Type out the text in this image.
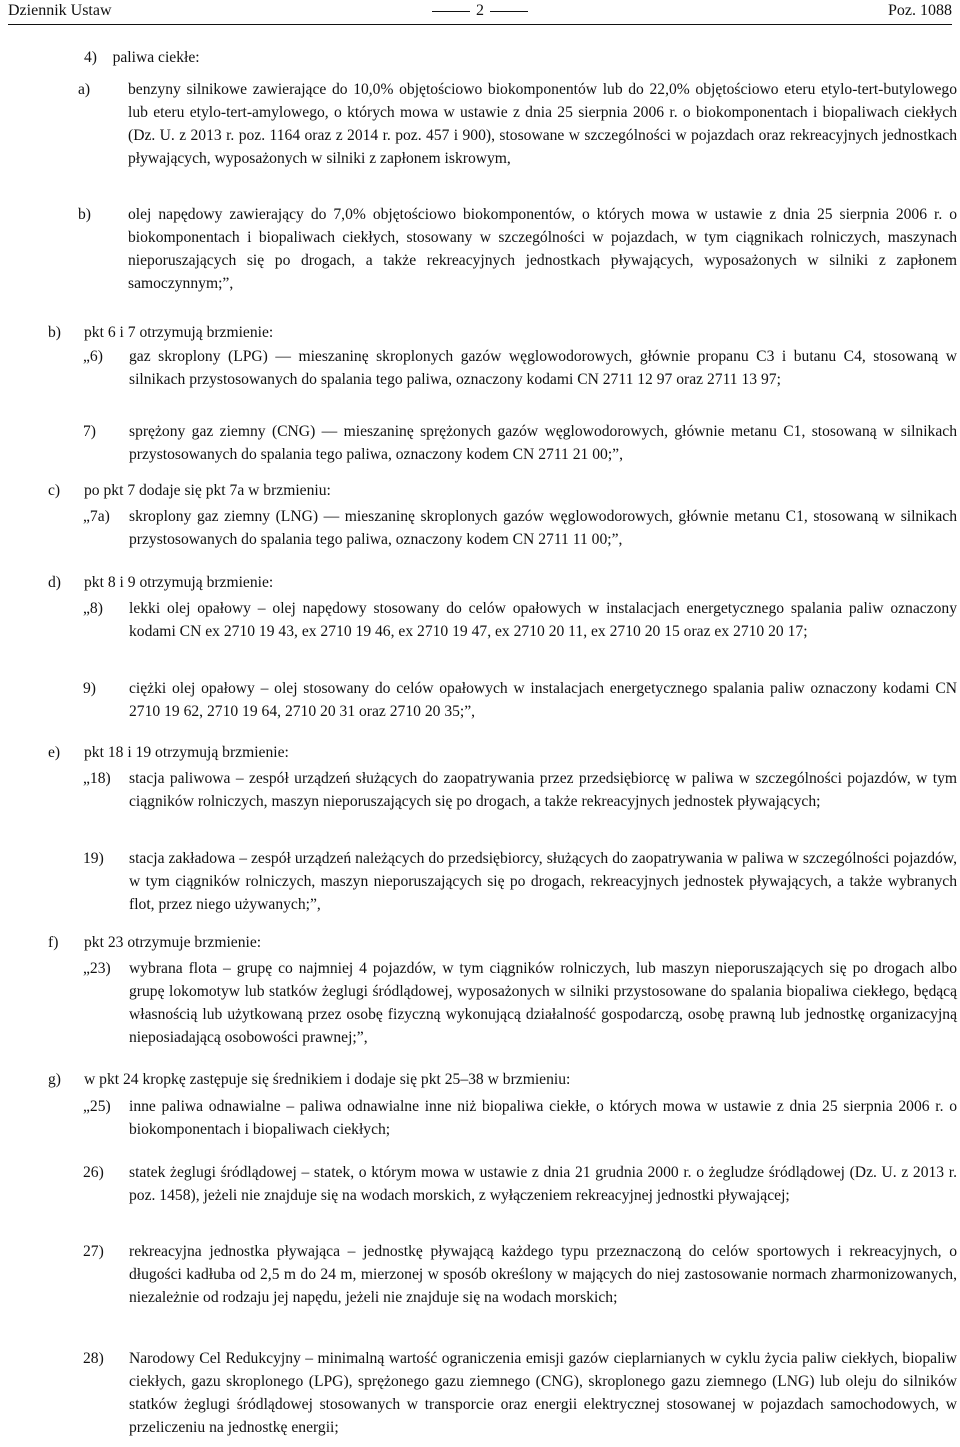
Dziennik Ustaw	2	Poz. 1088
4)    paliwa ciekłe:
a) benzyny silnikowe zawierające do 10,0% objętościowo biokomponentów lub do 22,0% objętościowo eteru etylo-tert-butylowego lub eteru etylo-tert-amylowego, o których mowa w ustawie z dnia 25 sierpnia 2006 r. o biokomponentach i biopaliwach ciekłych (Dz. U. z 2013 r. poz. 1164 oraz z 2014 r. poz. 457 i 900), stosowane w szczególności w pojazdach oraz rekreacyjnych jednostkach pływających, wyposażonych w silniki z zapłonem iskrowym,
b) olej napędowy zawierający do 7,0% objętościowo biokomponentów, o których mowa w ustawie z dnia 25 sierpnia 2006 r. o biokomponentach i biopaliwach ciekłych, stosowany w szczególności w pojazdach, w tym ciągnikach rolniczych, maszynach nieporuszających się po drogach, a także rekreacyjnych jednostkach pływających, wyposażonych w silniki z zapłonem samoczynnym;”,
b) pkt 6 i 7 otrzymują brzmienie:
„6) gaz skroplony (LPG) — mieszaninę skroplonych gazów węglowodorowych, głównie propanu C3 i butanu C4, stosowaną w silnikach przystosowanych do spalania tego paliwa, oznaczony kodami CN 2711 12 97 oraz 2711 13 97;
7) sprężony gaz ziemny (CNG) — mieszaninę sprężonych gazów węglowodorowych, głównie metanu C1, stosowaną w silnikach przystosowanych do spalania tego paliwa, oznaczony kodem CN 2711 21 00;”,
c) po pkt 7 dodaje się pkt 7a w brzmieniu:
„7a) skroplony gaz ziemny (LNG) — mieszaninę skroplonych gazów węglowodorowych, głównie metanu C1, stosowaną w silnikach przystosowanych do spalania tego paliwa, oznaczony kodem CN 2711 11 00;”,
d) pkt 8 i 9 otrzymują brzmienie:
„8) lekki olej opałowy – olej napędowy stosowany do celów opałowych w instalacjach energetycznego spalania paliw oznaczony kodami CN ex 2710 19 43, ex 2710 19 46, ex 2710 19 47, ex 2710 20 11, ex 2710 20 15 oraz ex 2710 20 17;
9) ciężki olej opałowy – olej stosowany do celów opałowych w instalacjach energetycznego spalania paliw oznaczony kodami CN 2710 19 62, 2710 19 64, 2710 20 31 oraz 2710 20 35;”,
e) pkt 18 i 19 otrzymują brzmienie:
„18) stacja paliwowa – zespół urządzeń służących do zaopatrywania przez przedsiębiorcę w paliwa w szczególności pojazdów, w tym ciągników rolniczych, maszyn nieporuszających się po drogach, a także rekreacyjnych jednostek pływających;
19) stacja zakładowa – zespół urządzeń należących do przedsiębiorcy, służących do zaopatrywania w paliwa w szczególności pojazdów, w tym ciągników rolniczych, maszyn nieporuszających się po drogach, rekreacyjnych jednostek pływających, a także wybranych flot, przez niego używanych;”,
f) pkt 23 otrzymuje brzmienie:
„23) wybrana flota – grupę co najmniej 4 pojazdów, w tym ciągników rolniczych, lub maszyn nieporuszających się po drogach albo grupę lokomotyw lub statków żeglugi śródlądowej, wyposażonych w silniki przystosowane do spalania biopaliwa ciekłego, będącą własnością lub użytkowaną przez osobę fizyczną wykonującą działalność gospodarczą, osobę prawną lub jednostkę organizacyjną nieposiadającą osobowości prawnej;”,
g) w pkt 24 kropkę zastępuje się średnikiem i dodaje się pkt 25–38 w brzmieniu:
„25) inne paliwa odnawialne – paliwa odnawialne inne niż biopaliwa ciekłe, o których mowa w ustawie z dnia 25 sierpnia 2006 r. o biokomponentach i biopaliwach ciekłych;
26) statek żeglugi śródlądowej – statek, o którym mowa w ustawie z dnia 21 grudnia 2000 r. o żegludze śródlądowej (Dz. U. z 2013 r. poz. 1458), jeżeli nie znajduje się na wodach morskich, z wyłączeniem rekreacyjnej jednostki pływającej;
27) rekreacyjna jednostka pływająca – jednostkę pływającą każdego typu przeznaczoną do celów sportowych i rekreacyjnych, o długości kadłuba od 2,5 m do 24 m, mierzonej w sposób określony w mających do niej zastosowanie normach zharmonizowanych, niezależnie od rodzaju jej napędu, jeżeli nie znajduje się na wodach morskich;
28) Narodowy Cel Redukcyjny – minimalną wartość ograniczenia emisji gazów cieplarnianych w cyklu życia paliw ciekłych, biopaliw ciekłych, gazu skroplonego (LPG), sprężonego gazu ziemnego (CNG), skroplonego gazu ziemnego (LNG) lub oleju do silników statków żeglugi śródlądowej stosowanych w transporcie oraz energii elektrycznej stosowanej w pojazdach samochodowych, w przeliczeniu na jednostkę energii;
